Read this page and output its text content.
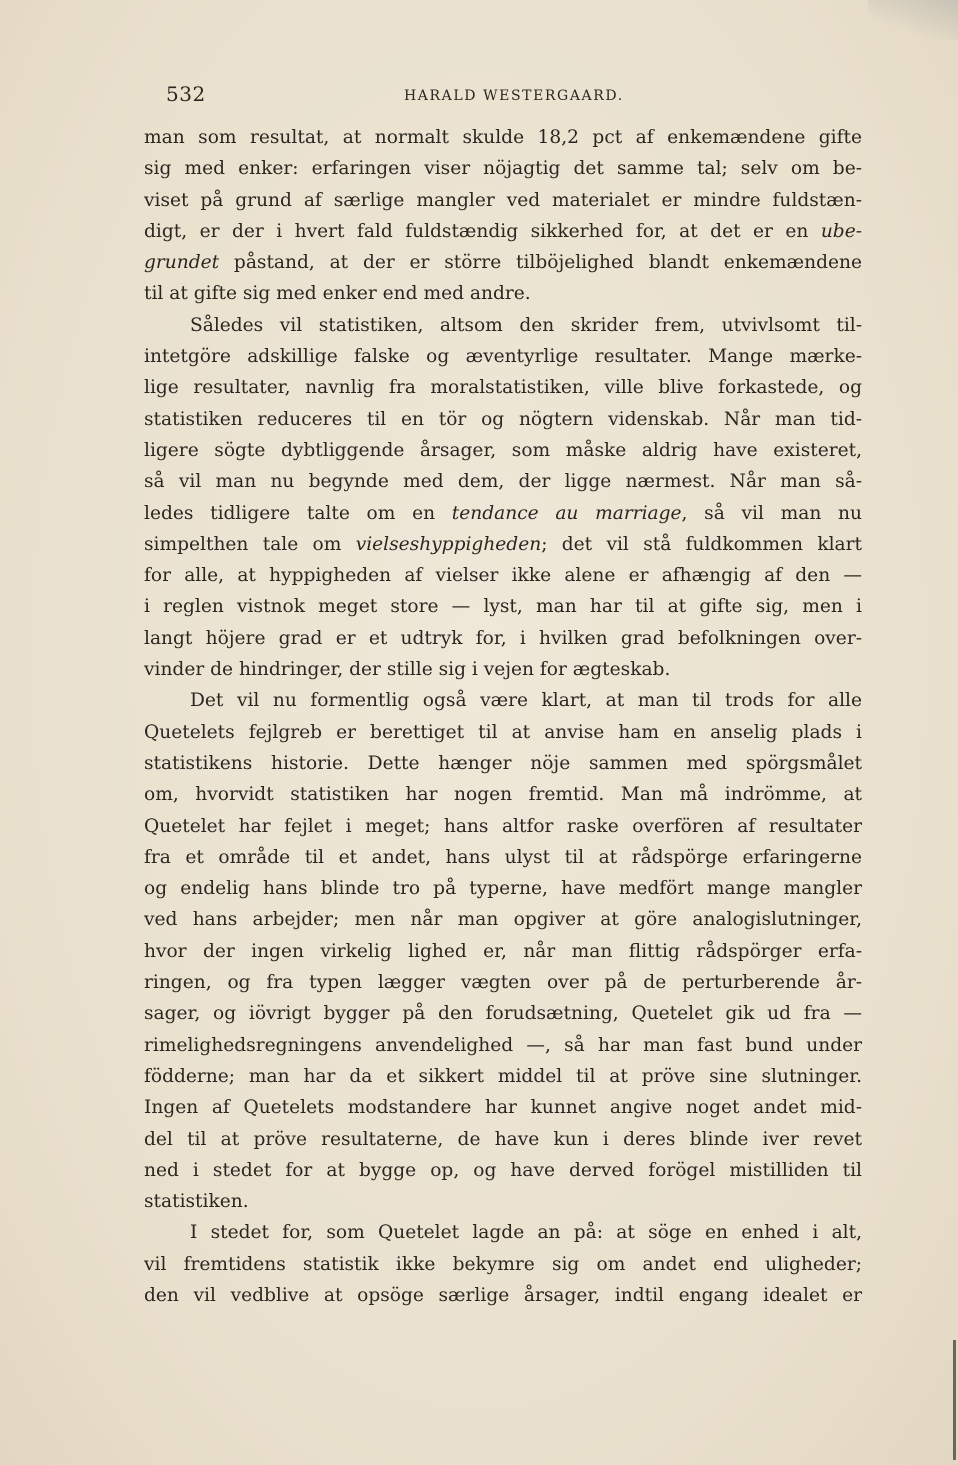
532	HARALD WESTERGAARD.

man som resultat, at normalt skulde 18,2 pct af enkemændene gifte
sig med enker: erfaringen viser nöjagtig det samme tal; selv om be-
viset på grund af særlige mangler ved materialet er mindre fuldstæn-
digt, er der i hvert fald fuldstændig sikkerhed for, at det er en ube-
grundet påstand, at der er större tilböjelighed blandt enkemændene
til at gifte sig med enker end med andre.

Således vil statistiken, altsom den skrider frem, utvivlsomt til-
intetgöre adskillige falske og æventyrlige resultater. Mange mærke-
lige resultater, navnlig fra moralstatistiken, ville blive forkastede, og
statistiken reduceres til en tör og nögtern videnskab. Når man tid-
ligere sögte dybtliggende årsager, som måske aldrig have existeret,
så vil man nu begynde med dem, der ligge nærmest. Når man så-
ledes tidligere talte om en tendance au marriage, så vil man nu
simpelthen tale om vielseshyppigheden; det vil stå fuldkommen klart
for alle, at hyppigheden af vielser ikke alene er afhængig af den —
i reglen vistnok meget store — lyst, man har til at gifte sig, men i
langt höjere grad er et udtryk for, i hvilken grad befolkningen over-
vinder de hindringer, der stille sig i vejen for ægteskab.

Det vil nu formentlig også være klart, at man til trods for alle
Quetelets fejlgreb er berettiget til at anvise ham en anselig plads i
statistikens historie. Dette hænger nöje sammen med spörgsmålet
om, hvorvidt statistiken har nogen fremtid. Man må indrömme, at
Quetelet har fejlet i meget; hans altfor raske overfören af resultater
fra et område til et andet, hans ulyst til at rådspörge erfaringerne
og endelig hans blinde tro på typerne, have medfört mange mangler
ved hans arbejder; men når man opgiver at göre analogislutninger,
hvor der ingen virkelig lighed er, når man flittig rådspörger erfa-
ringen, og fra typen lægger vægten over på de perturberende år-
sager, og iövrigt bygger på den forudsætning, Quetelet gik ud fra —
rimelighedsregningens anvendelighed —, så har man fast bund under
födderne; man har da et sikkert middel til at pröve sine slutninger.
Ingen af Quetelets modstandere har kunnet angive noget andet mid-
del til at pröve resultaterne, de have kun i deres blinde iver revet
ned i stedet for at bygge op, og have derved forögel mistilliden til
statistiken.

I stedet for, som Quetelet lagde an på: at söge en enhed i alt,
vil fremtidens statistik ikke bekymre sig om andet end uligheder;
den vil vedblive at opsöge særlige årsager, indtil engang idealet er
